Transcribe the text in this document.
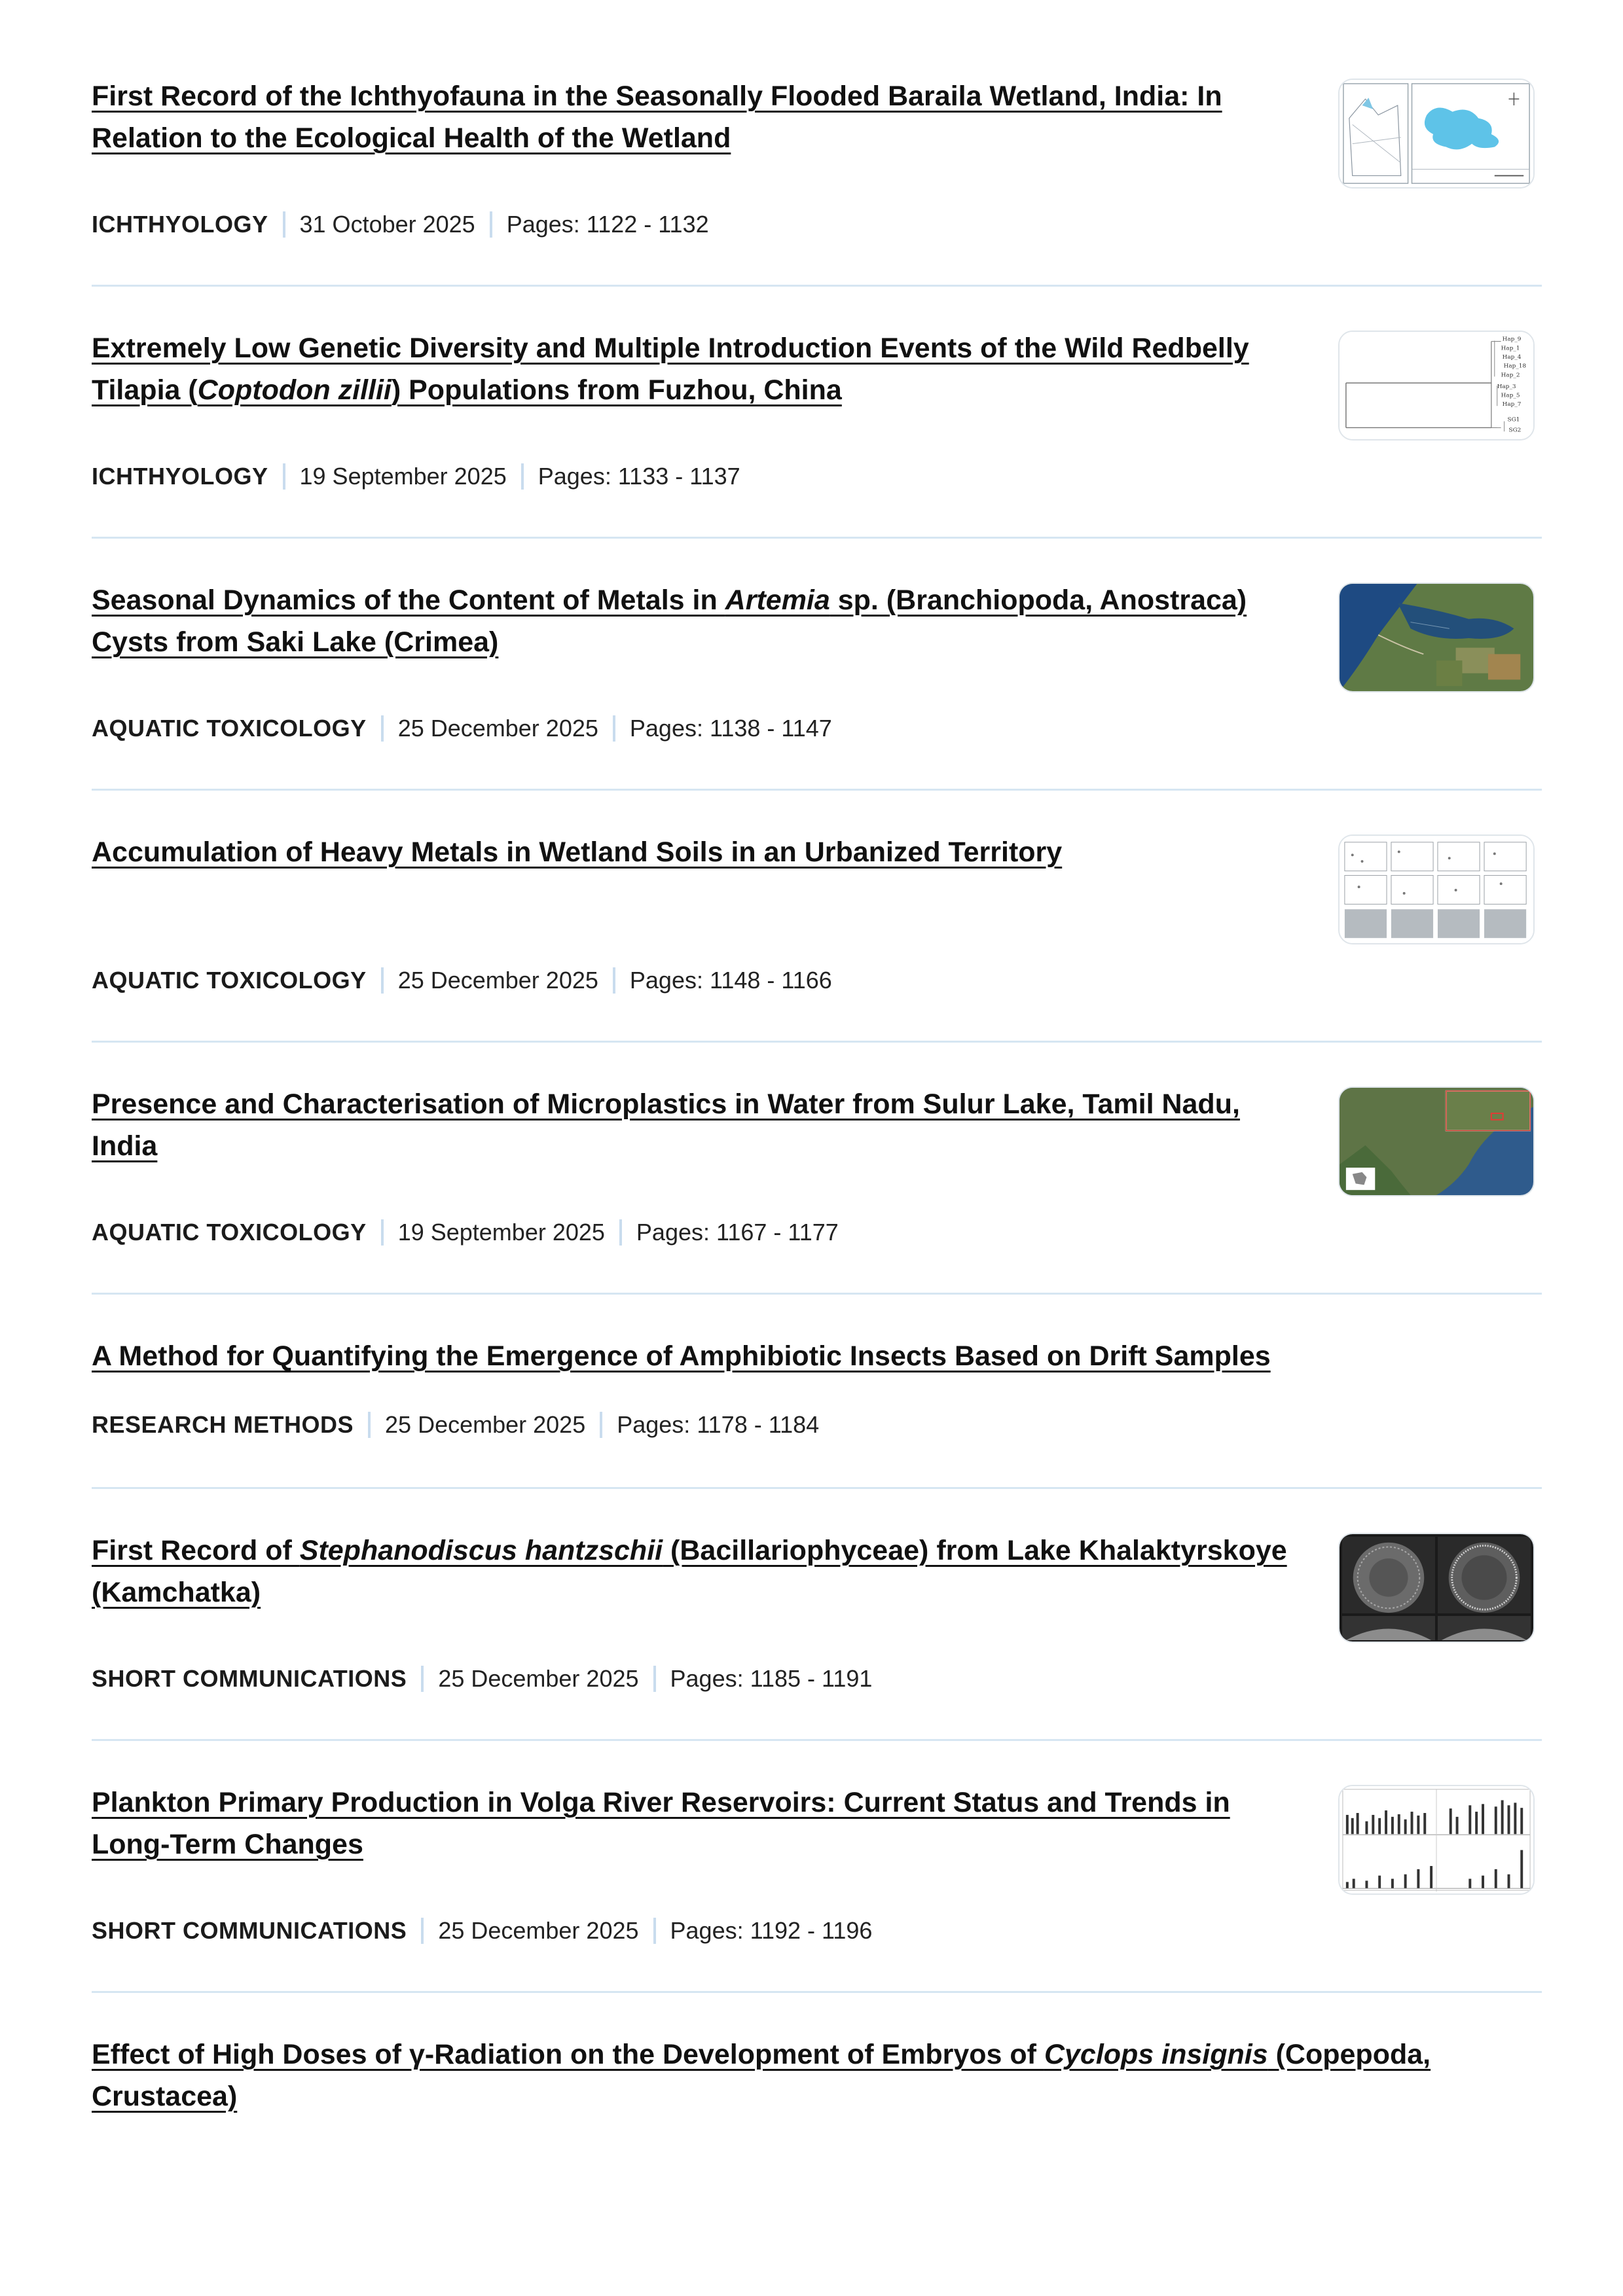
First Record of the Ichthyofauna in the Seasonally Flooded Baraila Wetland, India: In Relation to the Ecological Health of the Wetland
ICHTHYOLOGY 31 October 2025 Pages: 1122 - 1132
Extremely Low Genetic Diversity and Multiple Introduction Events of the Wild Redbelly Tilapia (Coptodon zillii) Populations from Fuzhou, China
ICHTHYOLOGY 19 September 2025 Pages: 1133 - 1137
Hap_9
Hap_1
Hap_4
Hap_18
Hap_2
Hap_3
Hap_5
Hap_7
SG1
SG2
Seasonal Dynamics of the Content of Metals in Artemia sp. (Branchiopoda, Anostraca) Cysts from Saki Lake (Crimea)
AQUATIC TOXICOLOGY 25 December 2025 Pages: 1138 - 1147
Accumulation of Heavy Metals in Wetland Soils in an Urbanized Territory
AQUATIC TOXICOLOGY 25 December 2025 Pages: 1148 - 1166
Presence and Characterisation of Microplastics in Water from Sulur Lake, Tamil Nadu, India
AQUATIC TOXICOLOGY 19 September 2025 Pages: 1167 - 1177
A Method for Quantifying the Emergence of Amphibiotic Insects Based on Drift Samples
RESEARCH METHODS 25 December 2025 Pages: 1178 - 1184
First Record of Stephanodiscus hantzschii (Bacillariophyceae) from Lake Khalaktyrskoye (Kamchatka)
SHORT COMMUNICATIONS 25 December 2025 Pages: 1185 - 1191
Plankton Primary Production in Volga River Reservoirs: Current Status and Trends in Long-Term Changes
SHORT COMMUNICATIONS 25 December 2025 Pages: 1192 - 1196
Effect of High Doses of γ-Radiation on the Development of Embryos of Cyclops insignis (Copepoda, Crustacea)
